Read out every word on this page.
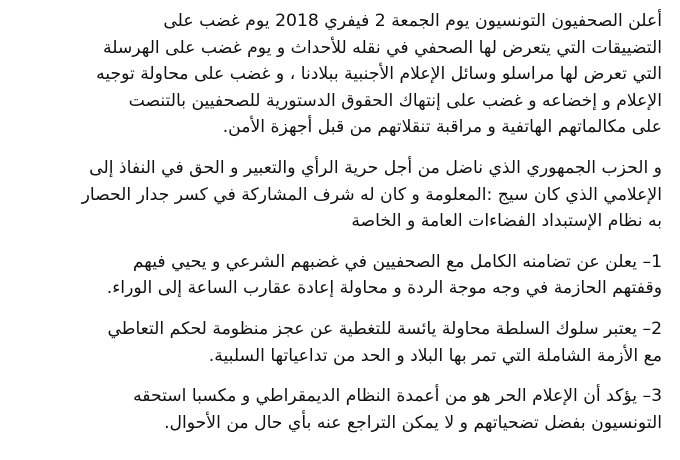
أعلن الصحفيون التونسيون يوم الجمعة 2 فيفري 2018 يوم غضب على
التضييقات التي يتعرض لها الصحفي في نقله للأحداث و يوم غضب على الهرسلة
التي تعرض لها مراسلو وسائل الإعلام الأجنبية ببلادنا ، و غضب على محاولة توجيه
الإعلام و إخضاعه و غضب على إنتهاك الحقوق الدستورية للصحفيين بالتنصت
على مكالماتهم الهاتفية و مراقبة تنقلاتهم من قبل أجهزة الأمن.
و الحزب الجمهوري الذي ناضل من أجل حرية الرأي والتعبير و الحق في النفاذ إلى
الإعلامي الذي كان سيج :المعلومة و كان له شرف المشاركة في كسر جدار الحصار
به نظام الإستبداد الفضاءات العامة و الخاصة
1– يعلن عن تضامنه الكامل مع الصحفيين في غضبهم الشرعي و يحيي فيهم
وقفتهم الحازمة في وجه موجة الردة و محاولة إعادة عقارب الساعة إلى الوراء.
2– يعتبر سلوك السلطة محاولة يائسة للتغطية عن عجز منظومة لحكم التعاطي
مع الأزمة الشاملة التي تمر بها البلاد و الحد من تداعياتها السلبية.
3– يؤكد أن الإعلام الحر هو من أعمدة النظام الديمقراطي و مكسبا استحقه
التونسيون بفضل تضحياتهم و لا يمكن التراجع عنه بأي حال من الأحوال.
